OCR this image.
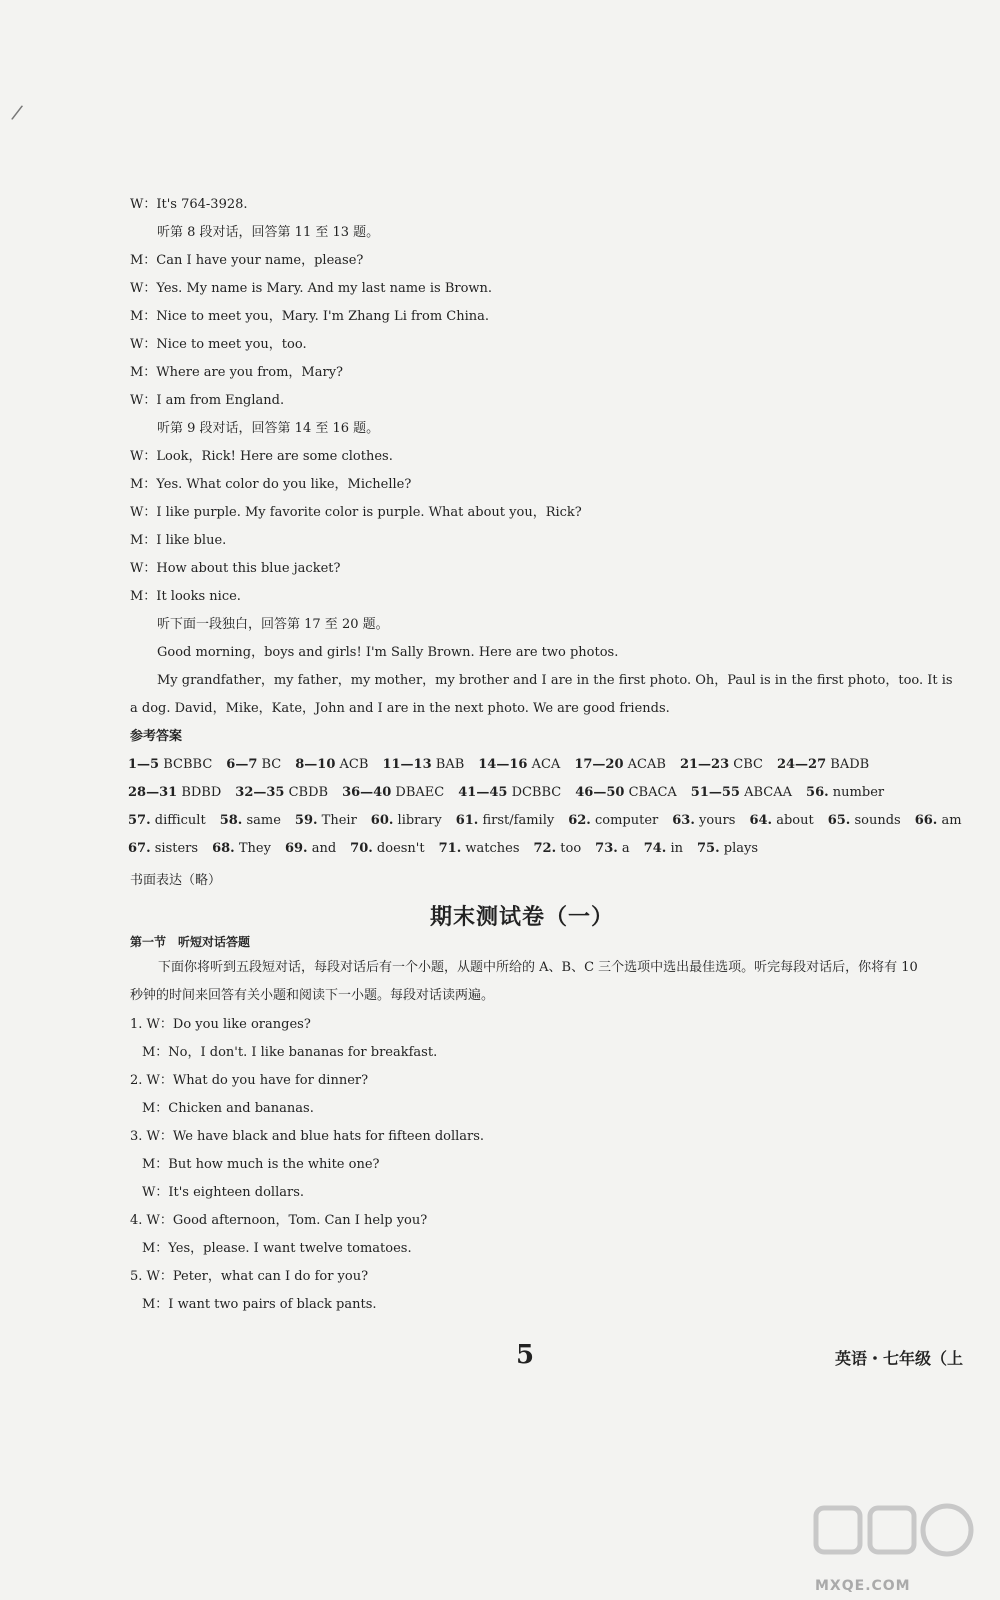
/
W：It's 764-3928.
听第 8 段对话，回答第 11 至 13 题。
M：Can I have your name，please?
W：Yes. My name is Mary. And my last name is Brown.
M：Nice to meet you，Mary. I'm Zhang Li from China.
W：Nice to meet you，too.
M：Where are you from，Mary?
W：I am from England.
听第 9 段对话，回答第 14 至 16 题。
W：Look，Rick! Here are some clothes.
M：Yes. What color do you like，Michelle?
W：I like purple. My favorite color is purple. What about you，Rick?
M：I like blue.
W：How about this blue jacket?
M：It looks nice.
听下面一段独白，回答第 17 至 20 题。
Good morning，boys and girls! I'm Sally Brown. Here are two photos.
My grandfather，my father，my mother，my brother and I are in the first photo. Oh，Paul is in the first photo，too. It is
a dog. David，Mike，Kate，John and I are in the next photo. We are good friends.
参考答案
1—5 BCBBC 6—7 BC 8—10 ACB 11—13 BAB 14—16 ACA 17—20 ACAB 21—23 CBC 24—27 BADB
28—31 BDBD 32—35 CBDB 36—40 DBAEC 41—45 DCBBC 46—50 CBACA 51—55 ABCAA 56. number
57. difficult 58. same 59. Their 60. library 61. first/family 62. computer 63. yours 64. about 65. sounds 66. am
67. sisters 68. They 69. and 70. doesn't 71. watches 72. too 73. a 74. in 75. plays
书面表达（略）
期末测试卷（一）
第一节　听短对话答题
下面你将听到五段短对话，每段对话后有一个小题，从题中所给的 A、B、C 三个选项中选出最佳选项。听完每段对话后，你将有 10 秒钟的时间来回答有关小题和阅读下一小题。每段对话读两遍。
1. W：Do you like oranges?
M：No，I don't. I like bananas for breakfast.
2. W：What do you have for dinner?
M：Chicken and bananas.
3. W：We have black and blue hats for fifteen dollars.
M：But how much is the white one?
W：It's eighteen dollars.
4. W：Good afternoon，Tom. Can I help you?
M：Yes，please. I want twelve tomatoes.
5. W：Peter，what can I do for you?
M：I want two pairs of black pants.
5	英语・七年级（上
MXQE.COM
